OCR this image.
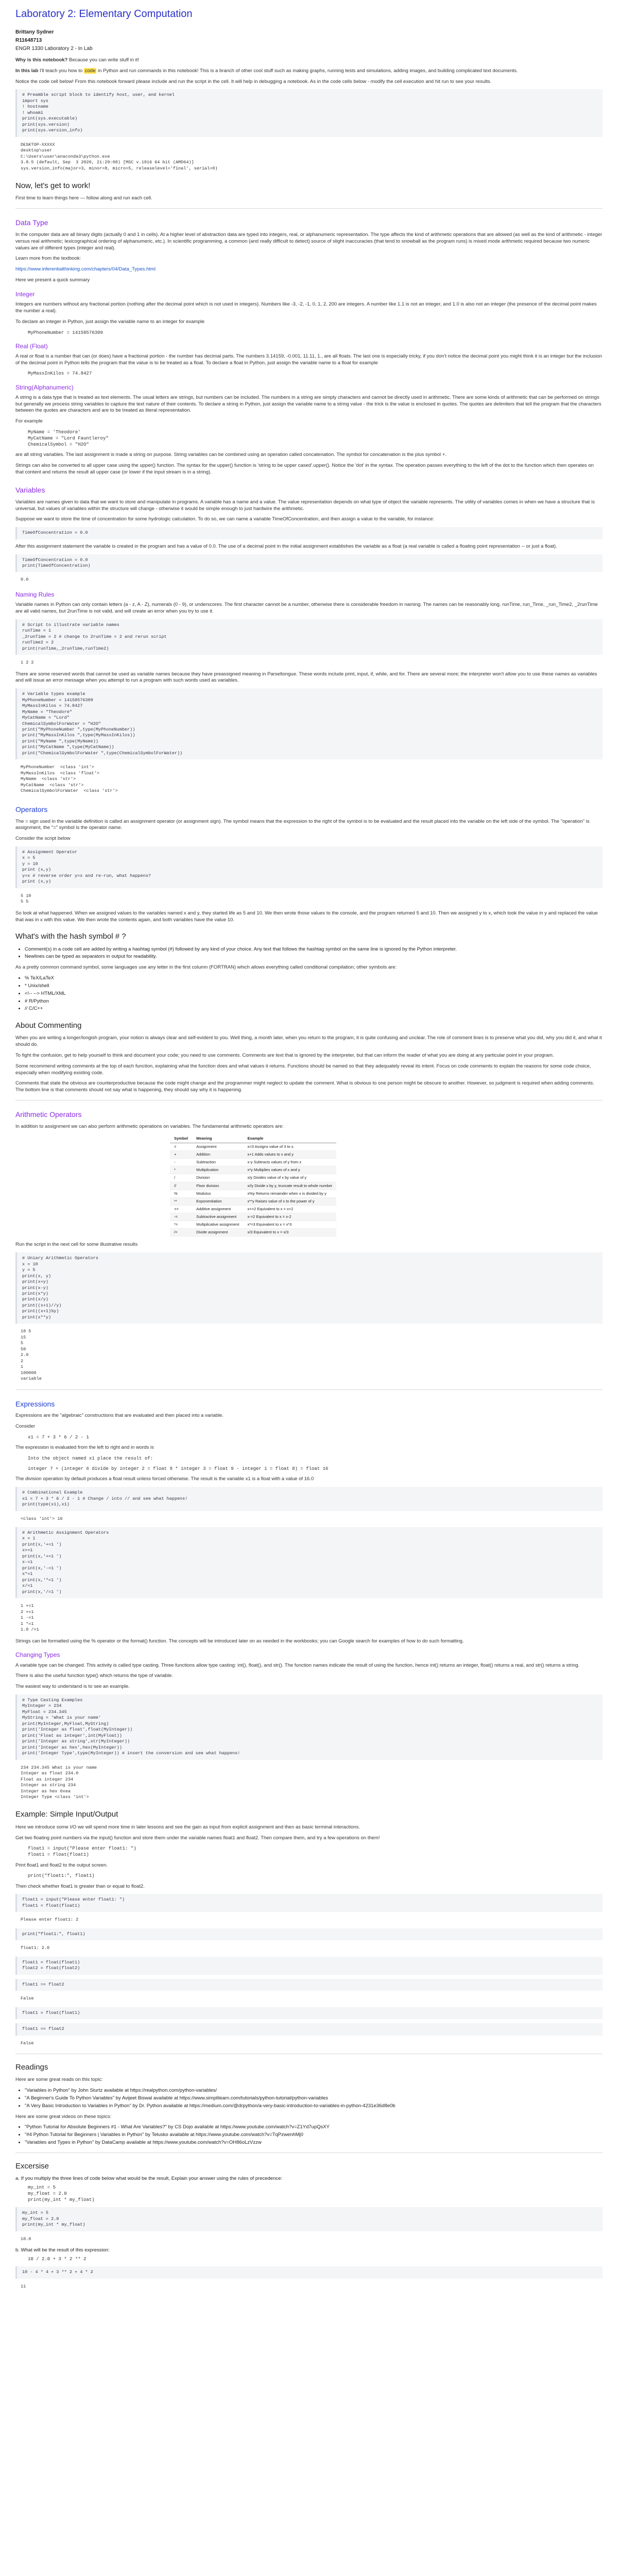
Laboratory 2: Elementary Computation
Brittany Sydner
R11648713
ENGR 1330 Laboratory 2 - In Lab

Why is this notebook? Because you can write stuff in it!

In this lab I'll teach you how to code in Python and run commands in this notebook! This is a branch of other cool stuff such as making graphs, running tests and simulations, adding images, and building complicated text documents.

Notice the code cell below! From this notebook forward please include and run the script in the cell. It will help in debugging a notebook. As in the code cells below - modify the cell execution and hit run to see your results.

# Preamble script block to identify host, user, and kernel
import sys
! hostname
! whoami
print(sys.executable)
print(sys.version)
print(sys.version_info)
DESKTOP-XXXXX
desktop\user
C:\Users\user\anaconda3\python.exe
3.8.5 (default, Sep  3 2020, 21:29:08) [MSC v.1916 64 bit (AMD64)]
sys.version_info(major=3, minor=8, micro=5, releaselevel='final', serial=0)
Now, let's get to work!

First time to learn things here — follow along and run each cell.

Data Type

In the computer data are all binary digits (actually 0 and 1 in cells). At a higher level of abstraction data are typed into integers, real, or alphanumeric representation. The type affects the kind of arithmetic operations that are allowed (as well as the kind of arithmetic - integer versus real arithmetic; lexicographical ordering of alphanumeric, etc.). In scientific programming, a common (and really difficult to detect) source of slight inaccuracies (that tend to snowball as the program runs) is mixed mode arithmetic required because two numeric values are of different types (integer and real).

Learn more from the textbook:

https://www.inferentialthinking.com/chapters/04/Data_Types.html

Here we present a quick summary

Integer

Integers are numbers without any fractional portion (nothing after the decimal point which is not used in integers). Numbers like -3, -2, -1, 0, 1, 2, 200 are integers. A number like 1.1 is not an integer, and 1.0 is also not an integer (the presence of the decimal point makes the number a real).

To declare an integer in Python, just assign the variable name to an integer for example

MyPhoneNumber = 14158576309
Real (Float)

A real or float is a number that can (or does) have a fractional portion - the number has decimal parts. The numbers 3.14159, -0.001, 11.11, 1., are all floats. The last one is especially tricky, if you don't notice the decimal point you might think it is an integer but the inclusion of the decimal point in Python tells the program that the value is to be treated as a float. To declare a float in Python, just assign the variable name to a float for example

MyMassInKilos = 74.8427
String(Alphanumeric)

A string is a data type that is treated as text elements. The usual letters are strings, but numbers can be included. The numbers in a string are simply characters and cannot be directly used in arithmetic. There are some kinds of arithmetic that can be performed on strings but generally we process string variables to capture the text nature of their contents. To declare a string in Python, just assign the variable name to a string value - the trick is the value is enclosed in quotes. The quotes are delimiters that tell the program that the characters between the quotes are characters and are to be treated as literal representation.

For example

MyName = 'Theodore'
MyCatName = "Lord Fauntleroy"
ChemicalSymbol = "H2O"

are all string variables. The last assignment is made a string on purpose. String variables can be combined using an operation called concatenation. The symbol for concatenation is the plus symbol +.

Strings can also be converted to all upper case using the upper() function. The syntax for the upper() function is 'string to be upper cased'.upper(). Notice the 'dot' in the syntax. The operation passes everything to the left of the dot to the function which then operates on that content and returns the result all upper case (or lower if the input stream is in a string).

Variables

Variables are names given to data that we want to store and manipulate in programs. A variable has a name and a value. The value representation depends on what type of object the variable represents. The utility of variables comes in when we have a structure that is universal, but values of variables within the structure will change - otherwise it would be simple enough to just hardwire the arithmetic.

Suppose we want to store the time of concentration for some hydrologic calculation. To do so, we can name a variable TimeOfConcentration, and then assign a value to the variable, for instance:

TimeOfConcentration = 0.0

After this assignment statement the variable is created in the program and has a value of 0.0. The use of a decimal point in the initial assignment establishes the variable as a float (a real variable is called a floating point representation -- or just a float).

TimeOfConcentration = 0.0
print(TimeOfConcentration)
0.0
Naming Rules

Variable names in Python can only contain letters (a - z, A - Z), numerals (0 - 9), or underscores. The first character cannot be a number, otherwise there is considerable freedom in naming. The names can be reasonably long. runTime, run_Time, _run_Time2, _2runTime are all valid names, but 2runTime is not valid, and will create an error when you try to use it.

# Script to illustrate variable names
runTime = 1
_2runTime = 2 # change to 2runTime = 2 and rerun script
runTime2 = 2
print(runTime,_2runTime,runTime2)
1 2 2

There are some reserved words that cannot be used as variable names because they have preassigned meaning in Parseltongue. These words include print, input, if, while, and for. There are several more; the interpreter won't allow you to use these names as variables and will issue an error message when you attempt to run a program with such words used as variables.

# Variable types example
MyPhoneNumber = 14158576309
MyMassInKilos = 74.8427
MyName = "Theodore"
MyCatName = "Lord"
ChemicalSymbolForWater = "H2O"
print("MyPhoneNumber ",type(MyPhoneNumber))
print("MyMassInKilos ",type(MyMassInKilos))
print("MyName ",type(MyName))
print("MyCatName ",type(MyCatName))
print("ChemicalSymbolForWater ",type(ChemicalSymbolForWater))
MyPhoneNumber  <class 'int'>
MyMassInKilos  <class 'float'>
MyName  <class 'str'>
MyCatName  <class 'str'>
ChemicalSymbolForWater  <class 'str'>
Operators

The = sign used in the variable definition is called an assignment operator (or assignment sign). The symbol means that the expression to the right of the symbol is to be evaluated and the result placed into the variable on the left side of the symbol. The "operation" is assignment, the "=" symbol is the operator name.

Consider the script below

# Assignment Operator
x = 5
y = 10
print (x,y)
y=x # reverse order y=x and re-run, what happens?
print (x,y)
5 10
5 5

So look at what happened. When we assigned values to the variables named x and y, they started life as 5 and 10. We then wrote those values to the console, and the program returned 5 and 10. Then we assigned y to x, which took the value in y and replaced the value that was in x with this value. We then wrote the contents again, and both variables have the value 10.

What's with the hash symbol # ?
• Comment(s) in a code cell are added by writing a hashtag symbol (#) followed by any kind of your choice. Any text that follows the hashtag symbol on the same line is ignored by the Python interpreter.
• Newlines can be typed as separators in output for readability.

As a pretty common command symbol, some languages use any letter in the first column (FORTRAN) which allows everything called conditional compilation; other symbols are:

• % TeX/LaTeX
• * Unix/shell
• <!-- --> HTML/XML
• # R/Python
• // C/C++
About Commenting

When you are writing a longer/longish program, your notion is always clear and self-evident to you. Well thing, a month later, when you return to the program, it is quite confusing and unclear. The role of comment lines is to preserve what you did, why you did it, and what it should do.

To fight the confusion, get to help yourself to think and document your code; you need to use comments. Comments are text that is ignored by the interpreter, but that can inform the reader of what you are doing at any particular point in your program.

Some recommend writing comments at the top of each function, explaining what the function does and what values it returns. Functions should be named so that they adequately reveal its intent. Focus on code comments to explain the reasons for some code choice, especially when modifying existing code.

Comments that state the obvious are counterproductive because the code might change and the programmer might neglect to update the comment. What is obvious to one person might be obscure to another. However, so judgment is required when adding comments. The bottom line is that comments should not say what is happening, they should say why it is happening.

Arithmetic Operators

In addition to assignment we can also perform arithmetic operations on variables. The fundamental arithmetic operators are:

Symbol	Meaning	Example
=	Assignment	x=3 Assigns value of 3 to x.
+	Addition	x+1 Adds values to x and y
-	Subtraction	x-y Subtracts values of y from x
*	Multiplication	x*y Multiplies values of x and y
/	Division	x/y Divides value of x by value of y
//	Floor division	x//y Divide x by y, truncate result to whole number
%	Modulus	x%y Returns remainder when x is divided by y
**	Exponentiation	x**y Raises value of x to the power of y
+=	Additive assignment	x+=2 Equivalent to x = x+2
-=	Subtractive assignment	x-=2 Equivalent to x = x-2
*=	Multiplicative assignment	x*=3 Equivalent to x = x*3
/=	Divide assignment	x/3 Equivalent to x = x/3

Run the script in the next cell for some illustrative results

# Uniary Arithmetic Operators
x = 10
y = 5
print(x, y)
print(x+y)
print(x-y)
print(x*y)
print(x/y)
print((x+1)//y)
print((x+1)%y)
print(x**y)
10 5
15
5
50
2.0
2
1
100000
variable
Expressions

Expressions are the "algebraic" constructions that are evaluated and then placed into a variable.

Consider

x1 = 7 + 3 * 6 / 2 - 1

The expression is evaluated from the left to right and in words is

Into the object named x1 place the result of:
integer 7 + (integer 6 divide by integer 2 = float 9 * integer 3 = float 9 - integer 1 = float 8) = float 16

The division operation by default produces a float result unless forced otherwise. The result is the variable x1 is a float with a value of 16.0

# Combinational Example
x1 = 7 + 3 * 6 / 2 - 1 # Change / into // and see what happens!
print(type(x1),x1)
<class 'int'> 16
# Arithmetic Assignment Operators
x = 1
print(x,'+=1 ')
x+=1
print(x,'+=1 ')
x-=1
print(x,'-=1 ')
x*=1
print(x,'*=1 ')
x/=1
print(x,'/=1 ')
1 +=1
2 +=1
1 -=1
1 *=1
1.0 /=1

Strings can be formatted using the % operator or the format() function. The concepts will be introduced later on as needed in the workbooks; you can Google search for examples of how to do such formatting.

Changing Types

A variable type can be changed. This activity is called type casting. Three functions allow type casting: int(), float(), and str(). The function names indicate the result of using the function, hence int() returns an integer, float() returns a real, and str() returns a string.

There is also the useful function type() which returns the type of variable.

The easiest way to understand is to see an example.

# Type Casting Examples
MyInteger = 234
MyFloat = 234.345
MyString = 'What is your name'
print(MyInteger,MyFloat,MyString)
print('Integer as float',float(MyInteger))
print('Float as integer',int(MyFloat))
print('Integer as string',str(MyInteger))
print('Integer as hex',hex(MyInteger))
print('Integer Type',type(MyInteger)) # insert the conversion and see what happens!
234 234.345 What is your name
Integer as float 234.0
Float as integer 234
Integer as string 234
Integer as hex 0xea
Integer Type <class 'int'>
Example: Simple Input/Output

Here we introduce some I/O we will spend more time in later lessons and see the gain as input from explicit assignment and then as basic terminal interactions.

Get two floating point numbers via the input() function and store them under the variable names float1 and float2. Then compare them, and try a few operations on them!

float1 = input("Please enter float1: ")
float1 = float(float1)

Print float1 and float2 to the output screen.

print("float1:", float1)

Then check whether float1 is greater than or equal to float2.

float1 = input("Please enter float1: ")
float1 = float(float1)
Please enter float1: 2
print("float1:", float1)
float1: 2.0
float1 = float(float1)
float2 = float(float2)
float1 >= float2
False
float1 = float(float1)
float1 == float2
False
Readings

Here are some great reads on this topic:

• "Variables in Python" by John Sturtz available at https://realpython.com/python-variables/
• "A Beginner's Guide To Python Variables" by Avijeet Biswal available at https://www.simplilearn.com/tutorials/python-tutorial/python-variables
• "A Very Basic Introduction to Variables in Python" by Dr. Python available at https://medium.com/@drpython/a-very-basic-introduction-to-variables-in-python-4231e36d8e0b

Here are some great videos on these topics:

• "Python Tutorial for Absolute Beginners #1 - What Are Variables?" by CS Dojo available at https://www.youtube.com/watch?v=Z1Yd7upQsXY
• "#4 Python Tutorial for Beginners | Variables in Python" by Telusko available at https://www.youtube.com/watch?v=TqPzwenhMj0
• "Variables and Types in Python" by DataCamp available at https://www.youtube.com/watch?v=OH86oLzVzzw
Excersise

a. If you multiply the three lines of code below what would be the result, Explain your answer using the rules of precedence:

my_int = 5
my_float = 2.0
print(my_int * my_float)
my_int = 5
my_float = 2.0
print(my_int * my_float)
10.0

b. What will be the result of this expression:

10 / 2.0 + 3 * 2 ** 2
10 - 4 * 4 + 3 ** 2 + 4 * 2
11
